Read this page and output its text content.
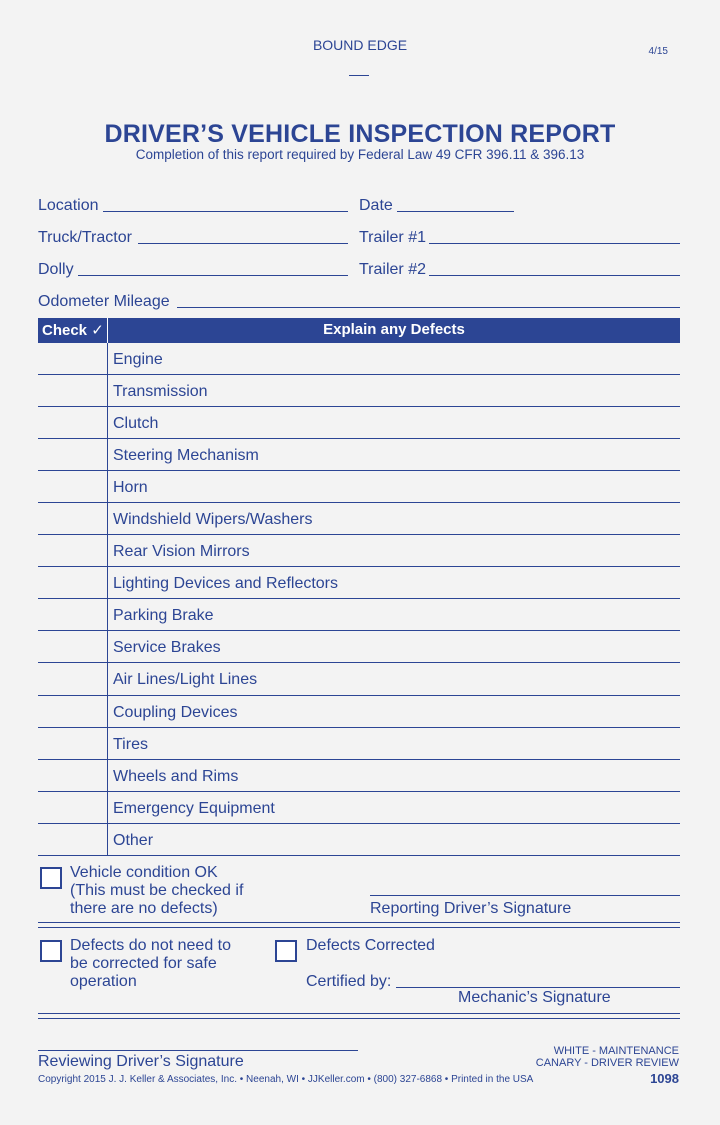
BOUND EDGE	4/15
DRIVER’S VEHICLE INSPECTION REPORT
Completion of this report required by Federal Law 49 CFR 396.11 & 396.13
Location	Date
Truck/Tractor	Trailer #1
Dolly	Trailer #2
Odometer Mileage
Check ✓	Explain any Defects
Engine
Transmission
Clutch
Steering Mechanism
Horn
Windshield Wipers/Washers
Rear Vision Mirrors
Lighting Devices and Reflectors
Parking Brake
Service Brakes
Air Lines/Light Lines
Coupling Devices
Tires
Wheels and Rims
Emergency Equipment
Other
Vehicle condition OK
(This must be checked if
there are no defects)	Reporting Driver’s Signature
Defects do not need to
be corrected for safe
operation
Defects Corrected
Certified by:
Mechanic’s Signature
Reviewing Driver’s Signature
WHITE - MAINTENANCE
CANARY - DRIVER REVIEW
Copyright 2015 J. J. Keller & Associates, Inc. • Neenah, WI • JJKeller.com • (800) 327-6868 • Printed in the USA	1098
